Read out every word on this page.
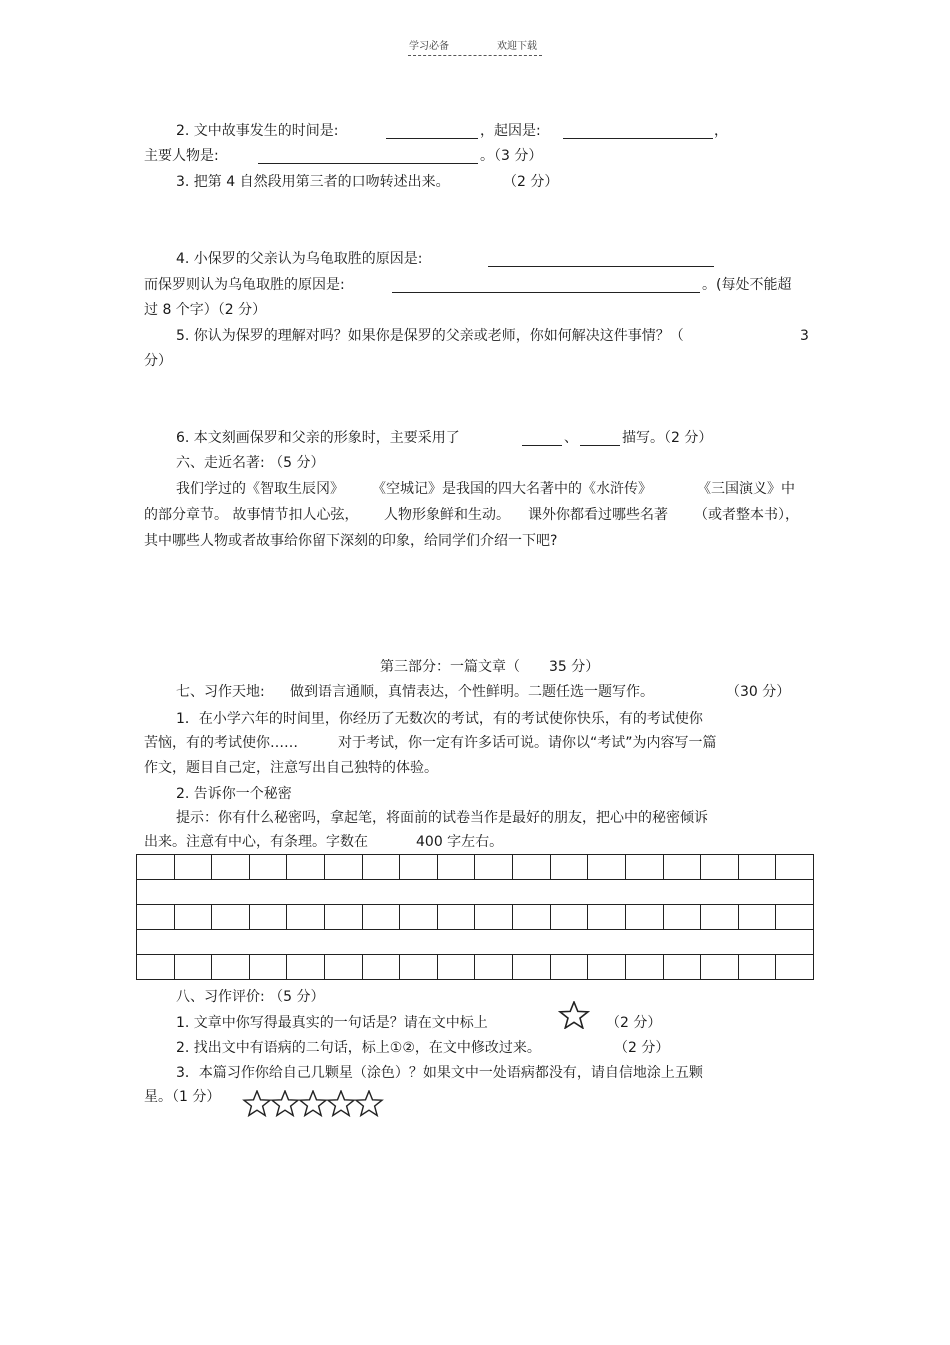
学习必备	欢迎下载
2. 文中故事发生的时间是:	，起因是:	，
主要人物是:	。（3 分）
3. 把第 4 自然段用第三者的口吻转述出来。	（2 分）
4. 小保罗的父亲认为乌龟取胜的原因是:
而保罗则认为乌龟取胜的原因是:	。(每处不能超
过 8 个字）（2 分）
5. 你认为保罗的理解对吗？如果你是保罗的父亲或老师，你如何解决这件事情？（	3
分）
6. 本文刻画保罗和父亲的形象时，主要采用了	、	描写。（2 分）
六、走近名著: （5 分）
我们学过的《智取生辰冈》 《空城记》是我国的四大名著中的《水浒传》	《三国演义》中
的部分章节。 故事情节扣人心弦， 人物形象鲜和生动。 课外你都看过哪些名著 （或者整本书），
其中哪些人物或者故事给你留下深刻的印象，给同学们介绍一下吧?
第三部分：一篇文章（ 35 分）
七、习作天地: 做到语言通顺，真情表达，个性鲜明。二题任选一题写作。	（30 分）
1．在小学六年的时间里，你经历了无数次的考试，有的考试使你快乐，有的考试使你
苦恼，有的考试使你……	对于考试，你一定有许多话可说。请你以“考试”为内容写一篇
作文，题目自己定，注意写出自己独特的体验。
2. 告诉你一个秘密
提示：你有什么秘密吗，拿起笔，将面前的试卷当作是最好的朋友，把心中的秘密倾诉
出来。注意有中心，有条理。字数在	400 字左右。

八、习作评价: （5 分）
1. 文章中你写得最真实的一句话是？请在文中标上	（2 分）
2. 找出文中有语病的二句话，标上①②，在文中修改过来。	（2 分）
3．本篇习作你给自己几颗星（涂色）？如果文中一处语病都没有，请自信地涂上五颗
星。（1 分）
